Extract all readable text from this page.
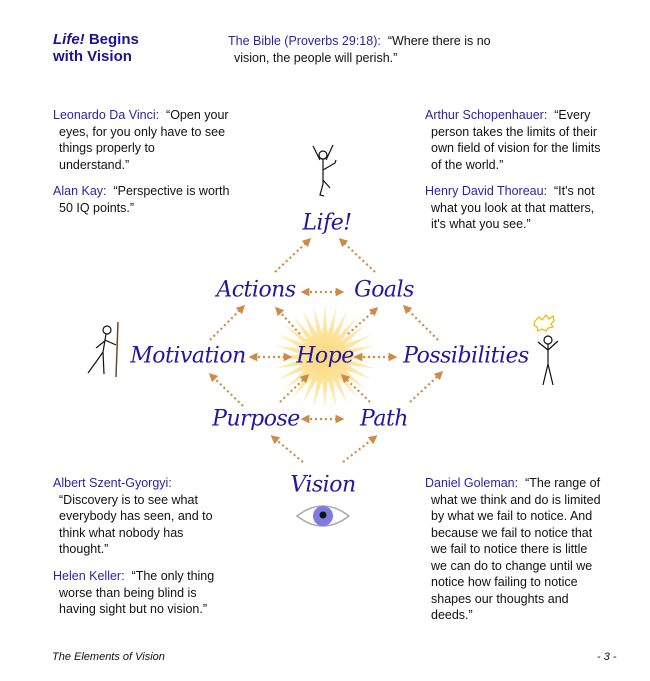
Life! Begins
with Vision
The Bible (Proverbs 29:18): “Where there is no
vision, the people will perish.”
Leonardo Da Vinci: “Open your
eyes, for you only have to see
things properly to
understand.”
Alan Kay: “Perspective is worth
50 IQ points.”
Arthur Schopenhauer: “Every
person takes the limits of their
own field of vision for the limits
of the world.”
Henry David Thoreau: “It's not
what you look at that matters,
it's what you see.”
Albert Szent-Gyorgyi:
“Discovery is to see what
everybody has seen, and to
think what nobody has
thought.”
Helen Keller: “The only thing
worse than being blind is
having sight but no vision.”
Daniel Goleman: “The range of
what we think and do is limited
by what we fail to notice. And
because we fail to notice that
we fail to notice there is little
we can do to change until we
notice how failing to notice
shapes our thoughts and
deeds.”
Life!
Actions	Goals
Motivation Hope Possibilities
Purpose	Path
Vision
The Elements of Vision	- 3 -
